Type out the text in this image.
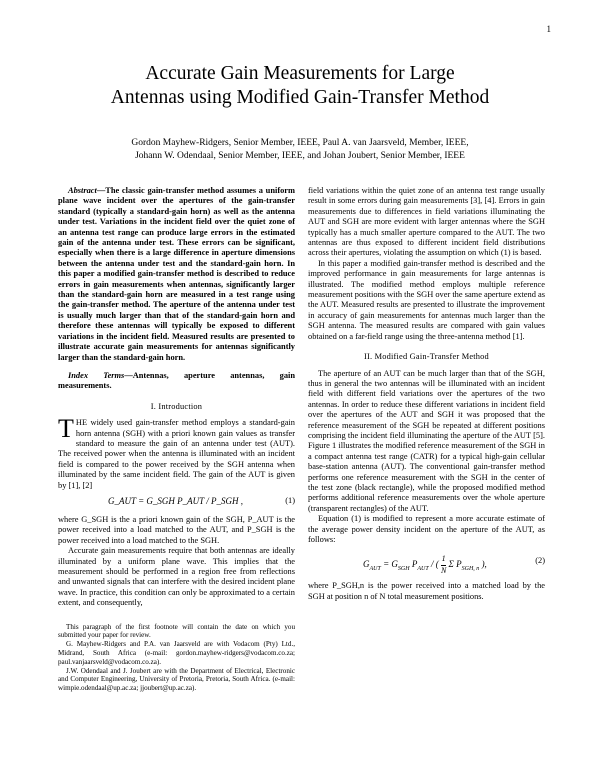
1
Accurate Gain Measurements for Large
Antennas using Modified Gain-Transfer Method
Gordon Mayhew-Ridgers, Senior Member, IEEE, Paul A. van Jaarsveld, Member, IEEE,
Johann W. Odendaal, Senior Member, IEEE, and Johan Joubert, Senior Member, IEEE

Abstract—The classic gain-transfer method assumes a uniform plane wave incident over the apertures of the gain-transfer standard (typically a standard-gain horn) as well as the antenna under test. Variations in the incident field over the quiet zone of an antenna test range can produce large errors in the estimated gain of the antenna under test. These errors can be significant, especially when there is a large difference in aperture dimensions between the antenna under test and the standard-gain horn. In this paper a modified gain-transfer method is described to reduce errors in gain measurements when antennas, significantly larger than the standard-gain horn are measured in a test range using the gain-transfer method. The aperture of the antenna under test is usually much larger than that of the standard-gain horn and therefore these antennas will typically be exposed to different variations in the incident field. Measured results are presented to illustrate accurate gain measurements for antennas significantly larger than the standard-gain horn.

Index Terms—Antennas, aperture antennas, gain measurements.

I. Introduction

THE widely used gain-transfer method employs a standard-gain horn antenna (SGH) with a priori known gain values as transfer standard to measure the gain of an antenna under test (AUT). The received power when the antenna is illuminated with an incident field is compared to the power received by the SGH antenna when illuminated by the same incident field. The gain of the AUT is given by [1], [2]

G_AUT = G_SGH P_AUT / P_SGH ,	(1)

where G_SGH is the a priori known gain of the SGH, P_AUT is the power received into a load matched to the AUT, and P_SGH is the power received into a load matched to the SGH.

Accurate gain measurements require that both antennas are ideally illuminated by a uniform plane wave. This implies that the measurement should be performed in a region free from reflections and unwanted signals that can interfere with the desired incident plane wave. In practice, this condition can only be approximated to a certain extent, and consequently,

This paragraph of the first footnote will contain the date on which you submitted your paper for review.

G. Mayhew-Ridgers and P.A. van Jaarsveld are with Vodacom (Pty) Ltd., Midrand, South Africa (e-mail: gordon.mayhew-ridgers@vodacom.co.za; paul.vanjaarsveld@vodacom.co.za).

J.W. Odendaal and J. Joubert are with the Department of Electrical, Electronic and Computer Engineering, University of Pretoria, Pretoria, South Africa. (e-mail: wimpie.odendaal@up.ac.za; jjoubert@up.ac.za).

field variations within the quiet zone of an antenna test range usually result in some errors during gain measurements [3], [4]. Errors in gain measurements due to differences in field variations illuminating the AUT and SGH are more evident with larger antennas where the SGH typically has a much smaller aperture compared to the AUT. The two antennas are thus exposed to different incident field distributions across their apertures, violating the assumption on which (1) is based.

In this paper a modified gain-transfer method is described and the improved performance in gain measurements for large antennas is illustrated. The modified method employs multiple reference measurement positions with the SGH over the same aperture extend as the AUT. Measured results are presented to illustrate the improvement in accuracy of gain measurements for antennas much larger than the SGH antenna. The measured results are compared with gain values obtained on a far-field range using the three-antenna method [1].

II. Modified Gain-Transfer Method

The aperture of an AUT can be much larger than that of the SGH, thus in general the two antennas will be illuminated with an incident field with different field variations over the apertures of the two antennas. In order to reduce these different variations in incident field over the apertures of the AUT and SGH it was proposed that the reference measurement of the SGH be repeated at different positions comprising the incident field illuminating the aperture of the AUT [5]. Figure 1 illustrates the modified reference measurement of the SGH in a compact antenna test range (CATR) for a typical high-gain cellular base-station antenna (AUT). The conventional gain-transfer method performs one reference measurement with the SGH in the center of the test zone (black rectangle), while the proposed modified method performs additional reference measurements over the whole aperture (transparent rectangles) of the AUT.

Equation (1) is modified to represent a more accurate estimate of the average power density incident on the aperture of the AUT, as follows:

$G_{AUT} = G_{SGH}$ $P_{AUT}$ / (
1
N Σ $P_{SGH, n}$ ),	(2)

where P_SGH,n is the power received into a matched load by the SGH at position n of N total measurement positions.
